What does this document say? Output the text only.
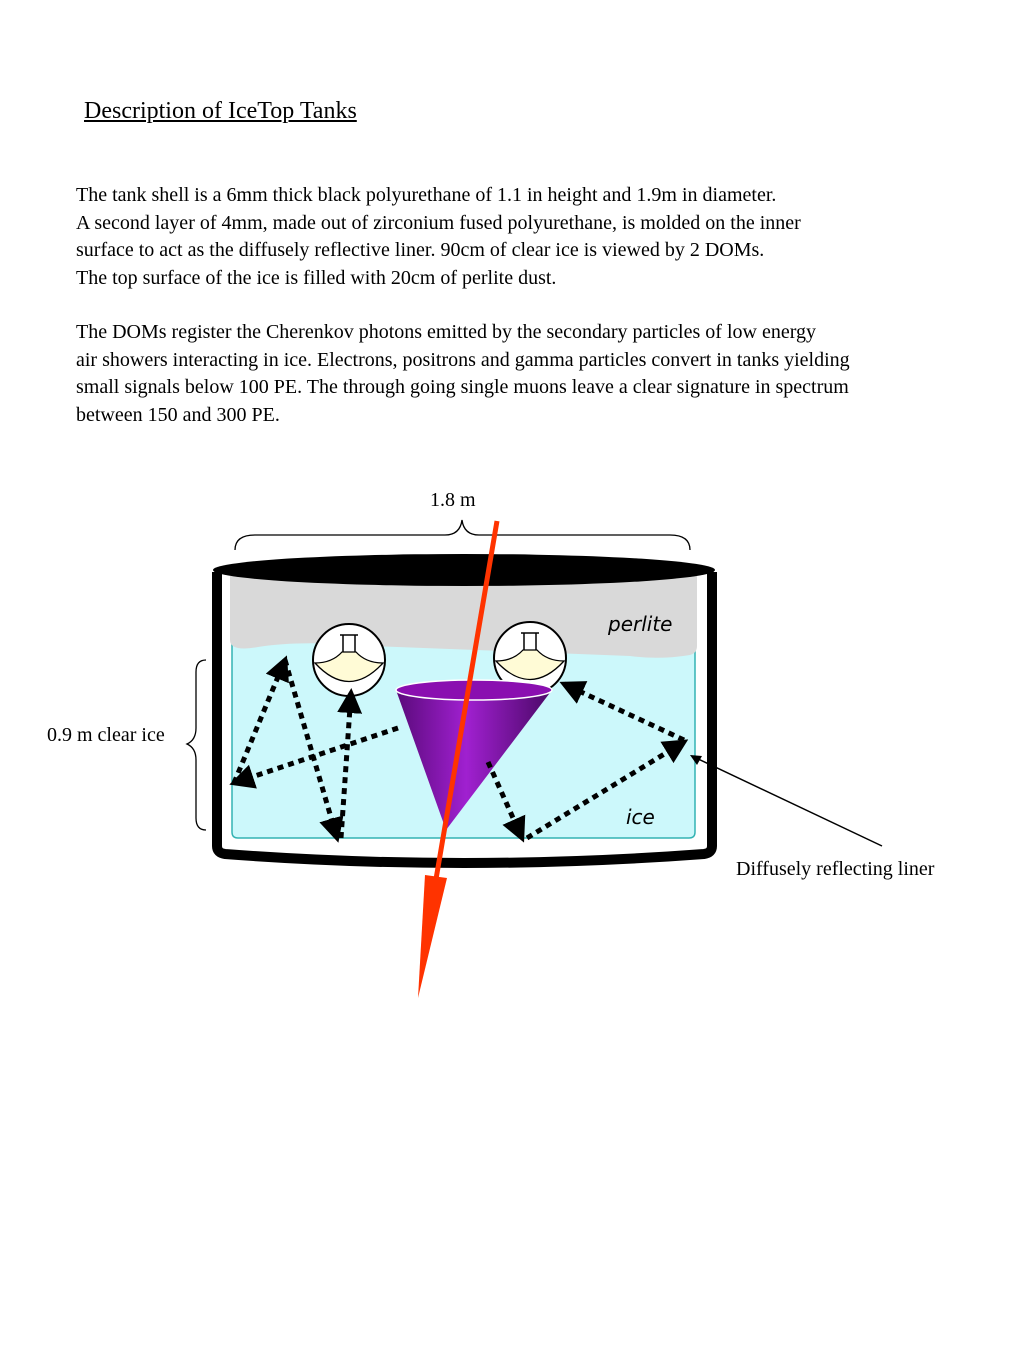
Description of IceTop Tanks

The tank shell is a 6mm thick black polyurethane of 1.1 in height and 1.9m in diameter.
A second layer of 4mm, made out of zirconium fused polyurethane, is molded on the inner
surface to act as the diffusely reflective liner. 90cm of clear ice is viewed by 2 DOMs.
The top surface of the ice is filled with 20cm of perlite dust.

The DOMs register the Cherenkov photons emitted by the secondary particles of low energy
air showers interacting in ice. Electrons, positrons and gamma particles convert in tanks yielding
small signals below 100 PE. The through going single muons leave a clear signature in spectrum
between 150 and 300 PE.

1.8 m
0.9 m clear ice
perlite
ice
Diffusely reflecting liner
